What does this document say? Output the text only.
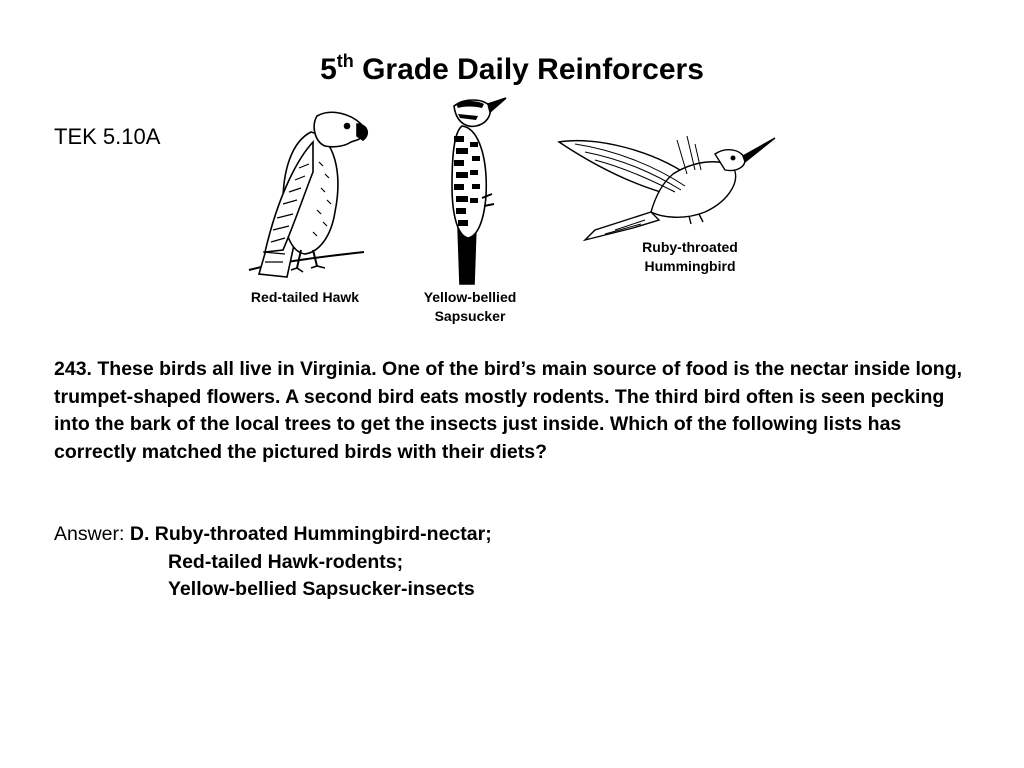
5th Grade Daily Reinforcers
TEK 5.10A
Red-tailed Hawk	Yellow-bellied
Sapsucker
Ruby-throated
Hummingbird

243. These birds all live in Virginia. One of the bird’s main source of food is the nectar inside long, trumpet-shaped flowers. A second bird eats mostly rodents. The third bird often is seen pecking into the bark of the local trees to get the insects just inside. Which of the following lists has correctly matched the pictured birds with their diets?

Answer: D. Ruby-throated Hummingbird-nectar;
Red-tailed Hawk-rodents;
Yellow-bellied Sapsucker-insects
